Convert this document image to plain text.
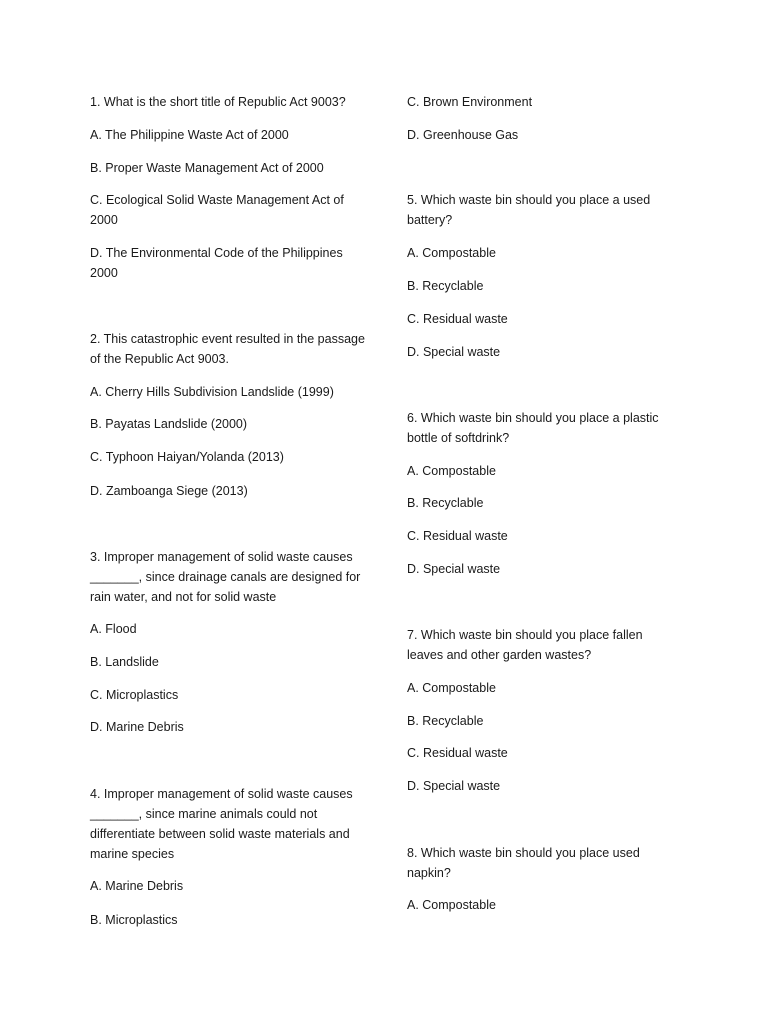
1. What is the short title of Republic Act 9003?
A. The Philippine Waste Act of 2000
B. Proper Waste Management Act of 2000
C. Ecological Solid Waste Management Act of 2000
D. The Environmental Code of the Philippines 2000
2. This catastrophic event resulted in the passage of the Republic Act 9003.
A. Cherry Hills Subdivision Landslide (1999)
B. Payatas Landslide (2000)
C. Typhoon Haiyan/Yolanda (2013)
D. Zamboanga Siege (2013)
3. Improper management of solid waste causes _______, since drainage canals are designed for rain water, and not for solid waste
A. Flood
B. Landslide
C. Microplastics
D. Marine Debris
4. Improper management of solid waste causes _______, since marine animals could not differentiate between solid waste materials and marine species
A. Marine Debris
B. Microplastics
C. Brown Environment
D. Greenhouse Gas
5. Which waste bin should you place a used battery?
A. Compostable
B. Recyclable
C. Residual waste
D. Special waste
6. Which waste bin should you place a plastic bottle of softdrink?
A. Compostable
B. Recyclable
C. Residual waste
D. Special waste
7. Which waste bin should you place fallen leaves and other garden wastes?
A. Compostable
B. Recyclable
C. Residual waste
D. Special waste
8. Which waste bin should you place used napkin?
A. Compostable
